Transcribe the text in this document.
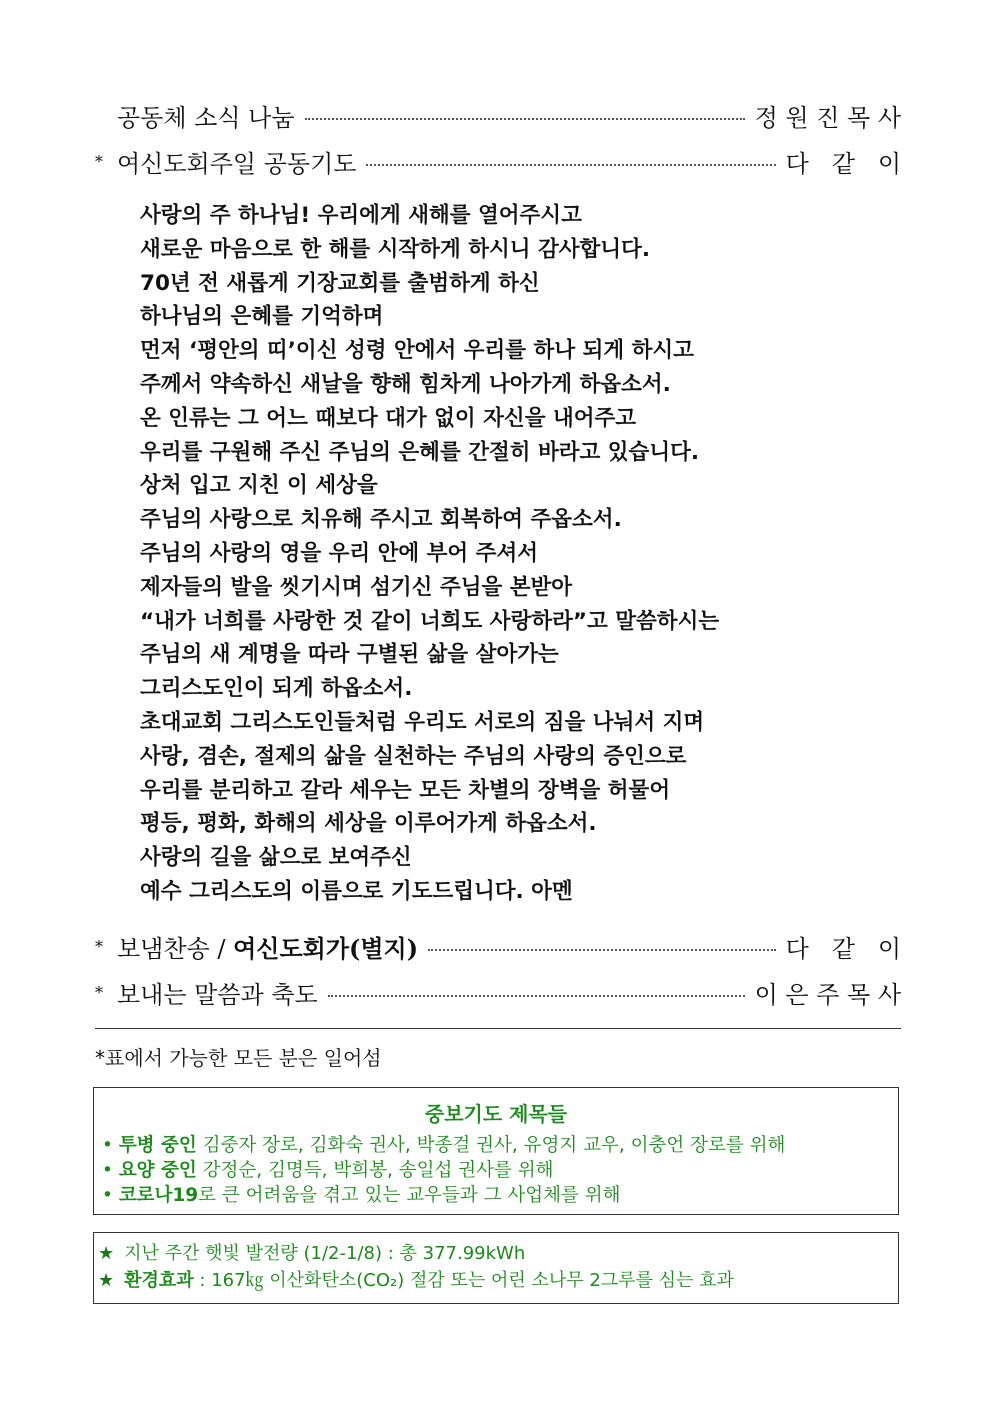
공동체 소식 나눔	정 원 진 목 사
* 여신도회주일 공동기도	다   같   이
사랑의 주 하나님! 우리에게 새해를 열어주시고
새로운 마음으로 한 해를 시작하게 하시니 감사합니다.
70년 전 새롭게 기장교회를 출범하게 하신
하나님의 은혜를 기억하며
먼저 ‘평안의 띠’이신 성령 안에서 우리를 하나 되게 하시고
주께서 약속하신 새날을 향해 힘차게 나아가게 하옵소서.
온 인류는 그 어느 때보다 대가 없이 자신을 내어주고
우리를 구원해 주신 주님의 은혜를 간절히 바라고 있습니다.
상처 입고 지친 이 세상을
주님의 사랑으로 치유해 주시고 회복하여 주옵소서.
주님의 사랑의 영을 우리 안에 부어 주셔서
제자들의 발을 씻기시며 섬기신 주님을 본받아
“내가 너희를 사랑한 것 같이 너희도 사랑하라”고 말씀하시는
주님의 새 계명을 따라 구별된 삶을 살아가는
그리스도인이 되게 하옵소서.
초대교회 그리스도인들처럼 우리도 서로의 짐을 나눠서 지며
사랑, 겸손, 절제의 삶을 실천하는 주님의 사랑의 증인으로
우리를 분리하고 갈라 세우는 모든 차별의 장벽을 허물어
평등, 평화, 화해의 세상을 이루어가게 하옵소서.
사랑의 길을 삶으로 보여주신
예수 그리스도의 이름으로 기도드립니다. 아멘
* 보냄찬송 / 여신도회가(별지)	다   같   이
* 보내는 말씀과 축도	이 은 주 목 사
*표에서 가능한 모든 분은 일어섬
중보기도 제목들
• 투병 중인 김중자 장로, 김화숙 권사, 박종걸 권사, 유영지 교우, 이충언 장로를 위해
• 요양 중인 강정순, 김명득, 박희봉, 송일섭 권사를 위해
• 코로나19로 큰 어려움을 겪고 있는 교우들과 그 사업체를 위해
★ 지난 주간 햇빛 발전량 (1/2-1/8) : 총 377.99kWh
★ 환경효과 : 167㎏ 이산화탄소(CO₂) 절감 또는 어린 소나무 2그루를 심는 효과
